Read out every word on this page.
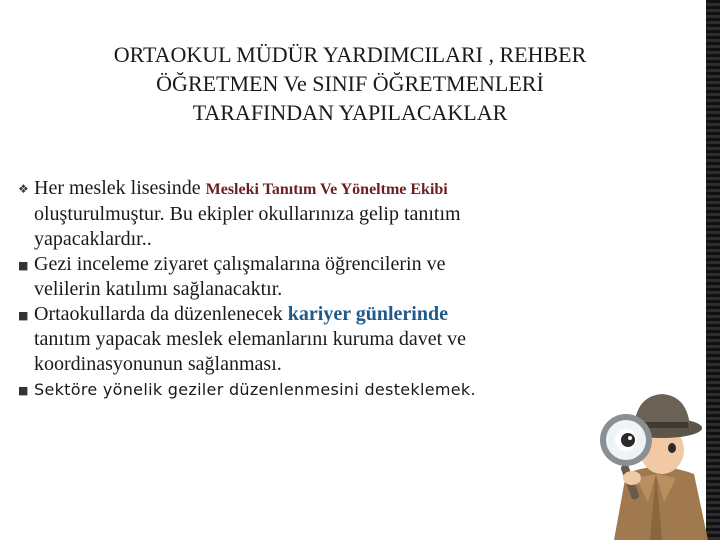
ORTAOKUL MÜDÜR YARDIMCILARI , REHBER
ÖĞRETMEN Ve SINIF ÖĞRETMENLERİ
TARAFINDAN YAPILACAKLAR
❖ Her meslek lisesinde Mesleki Tanıtım Ve Yöneltme Ekibi
oluşturulmuştur. Bu ekipler okullarınıza gelip tanıtım
yapacaklardır..
■ Gezi inceleme ziyaret çalışmalarına öğrencilerin ve
velilerin katılımı sağlanacaktır.
■ Ortaokullarda da düzenlenecek kariyer günlerinde
tanıtım yapacak meslek elemanlarını kuruma davet ve
koordinasyonunun sağlanması.
■ Sektöre yönelik geziler düzenlenmesini desteklemek.
